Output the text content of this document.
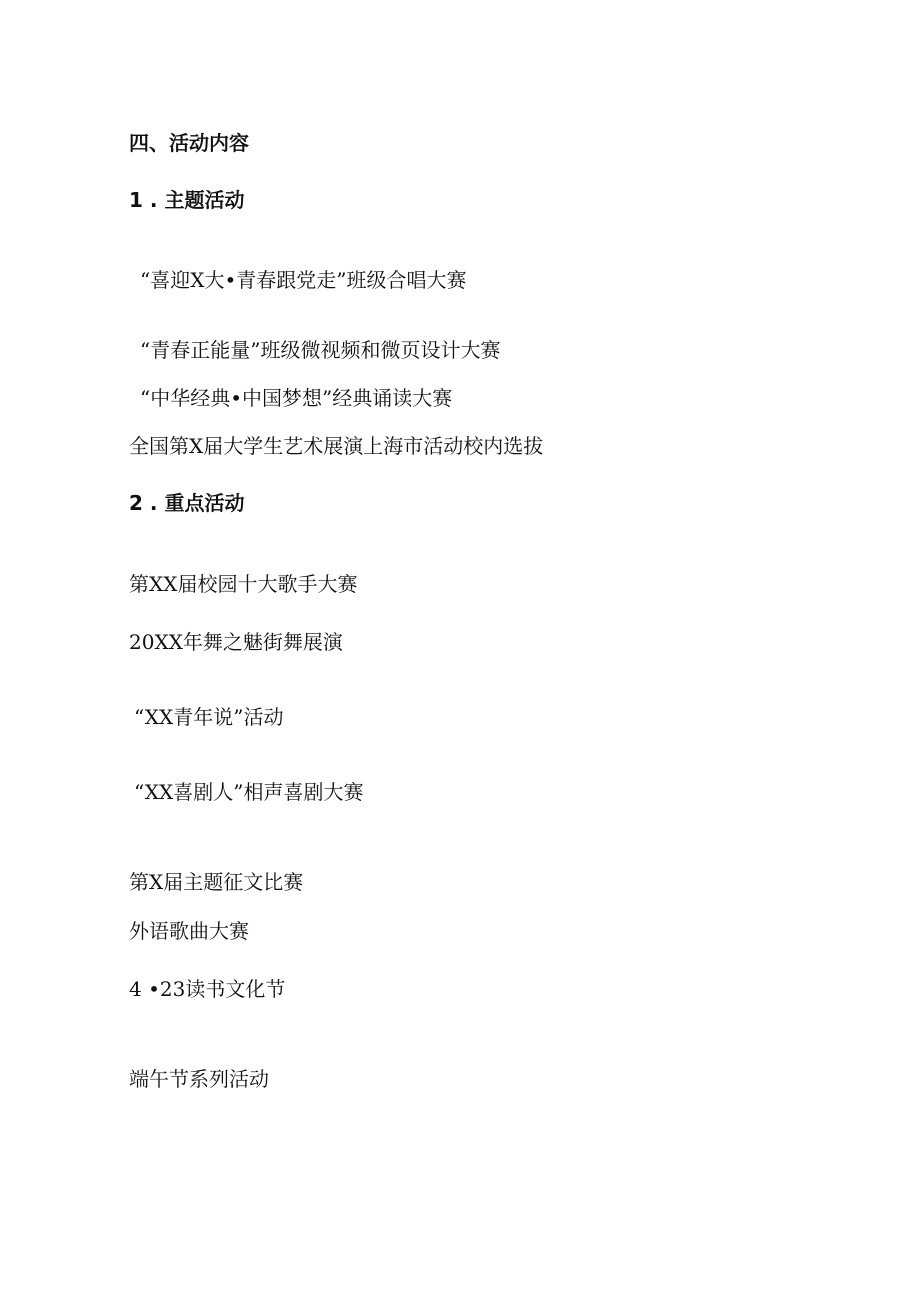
四、活动内容
1 . 主题活动

“喜迎X大•青春跟党走”班级合唱大赛

“青春正能量”班级微视频和微页设计大赛

“中华经典•中国梦想”经典诵读大赛

全国第X届大学生艺术展演上海市活动校内选拔

2 . 重点活动

第XX届校园十大歌手大赛

20XX年舞之魅街舞展演

“XX青年说”活动

“XX喜剧人”相声喜剧大赛

第X届主题征文比赛

外语歌曲大赛

4 •23读书文化节

端午节系列活动
